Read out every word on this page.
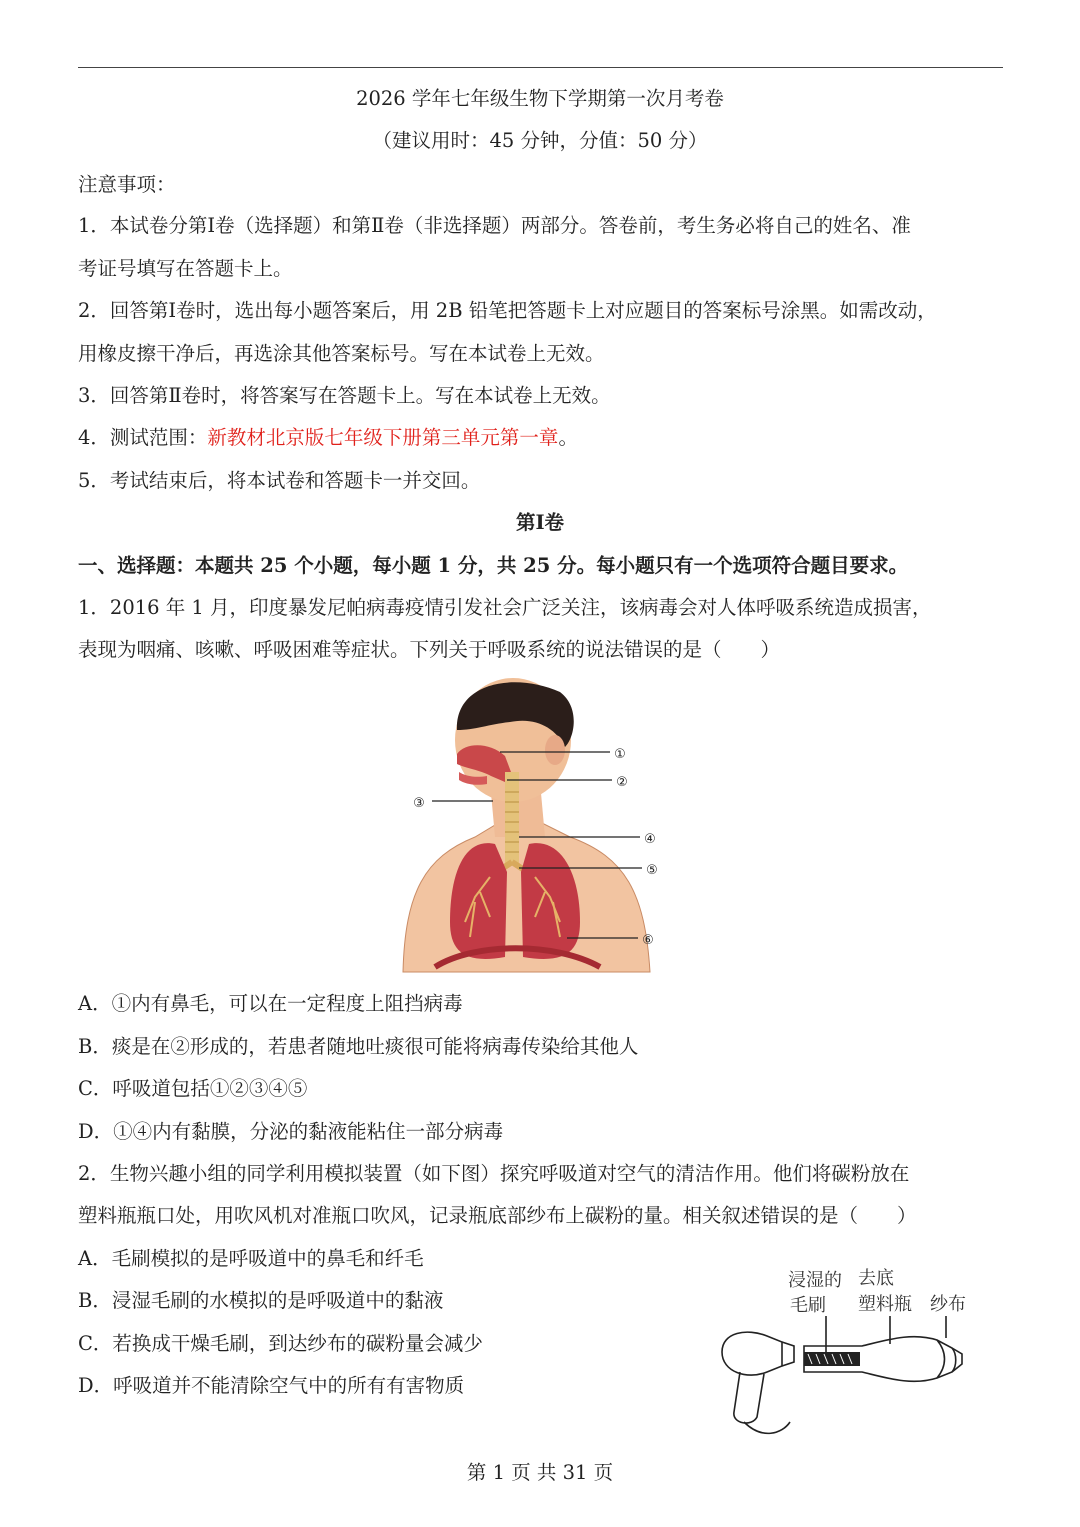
2026 学年七年级生物下学期第一次月考卷
（建议用时：45 分钟，分值：50 分）
注意事项：
1．本试卷分第Ⅰ卷（选择题）和第Ⅱ卷（非选择题）两部分。答卷前，考生务必将自己的姓名、准
考证号填写在答题卡上。
2．回答第Ⅰ卷时，选出每小题答案后，用 2B 铅笔把答题卡上对应题目的答案标号涂黑。如需改动，
用橡皮擦干净后，再选涂其他答案标号。写在本试卷上无效。
3．回答第Ⅱ卷时，将答案写在答题卡上。写在本试卷上无效。
4．测试范围：新教材北京版七年级下册第三单元第一章。
5．考试结束后，将本试卷和答题卡一并交回。
第Ⅰ卷
一、选择题：本题共 25 个小题，每小题 1 分，共 25 分。每小题只有一个选项符合题目要求。
1．2016 年 1 月，印度暴发尼帕病毒疫情引发社会广泛关注，该病毒会对人体呼吸系统造成损害，
表现为咽痛、咳嗽、呼吸困难等症状。下列关于呼吸系统的说法错误的是（　　）
①
②
③
④
⑤
⑥
A．①内有鼻毛，可以在一定程度上阻挡病毒
B．痰是在②形成的，若患者随地吐痰很可能将病毒传染给其他人
C．呼吸道包括①②③④⑤
D．①④内有黏膜，分泌的黏液能粘住一部分病毒
2．生物兴趣小组的同学利用模拟装置（如下图）探究呼吸道对空气的清洁作用。他们将碳粉放在
塑料瓶瓶口处，用吹风机对准瓶口吹风，记录瓶底部纱布上碳粉的量。相关叙述错误的是（　　）
A．毛刷模拟的是呼吸道中的鼻毛和纤毛
B．浸湿毛刷的水模拟的是呼吸道中的黏液
C．若换成干燥毛刷，到达纱布的碳粉量会减少
D．呼吸道并不能清除空气中的所有有害物质
浸湿的
毛刷
去底
塑料瓶 纱布
第 1 页 共 31 页
